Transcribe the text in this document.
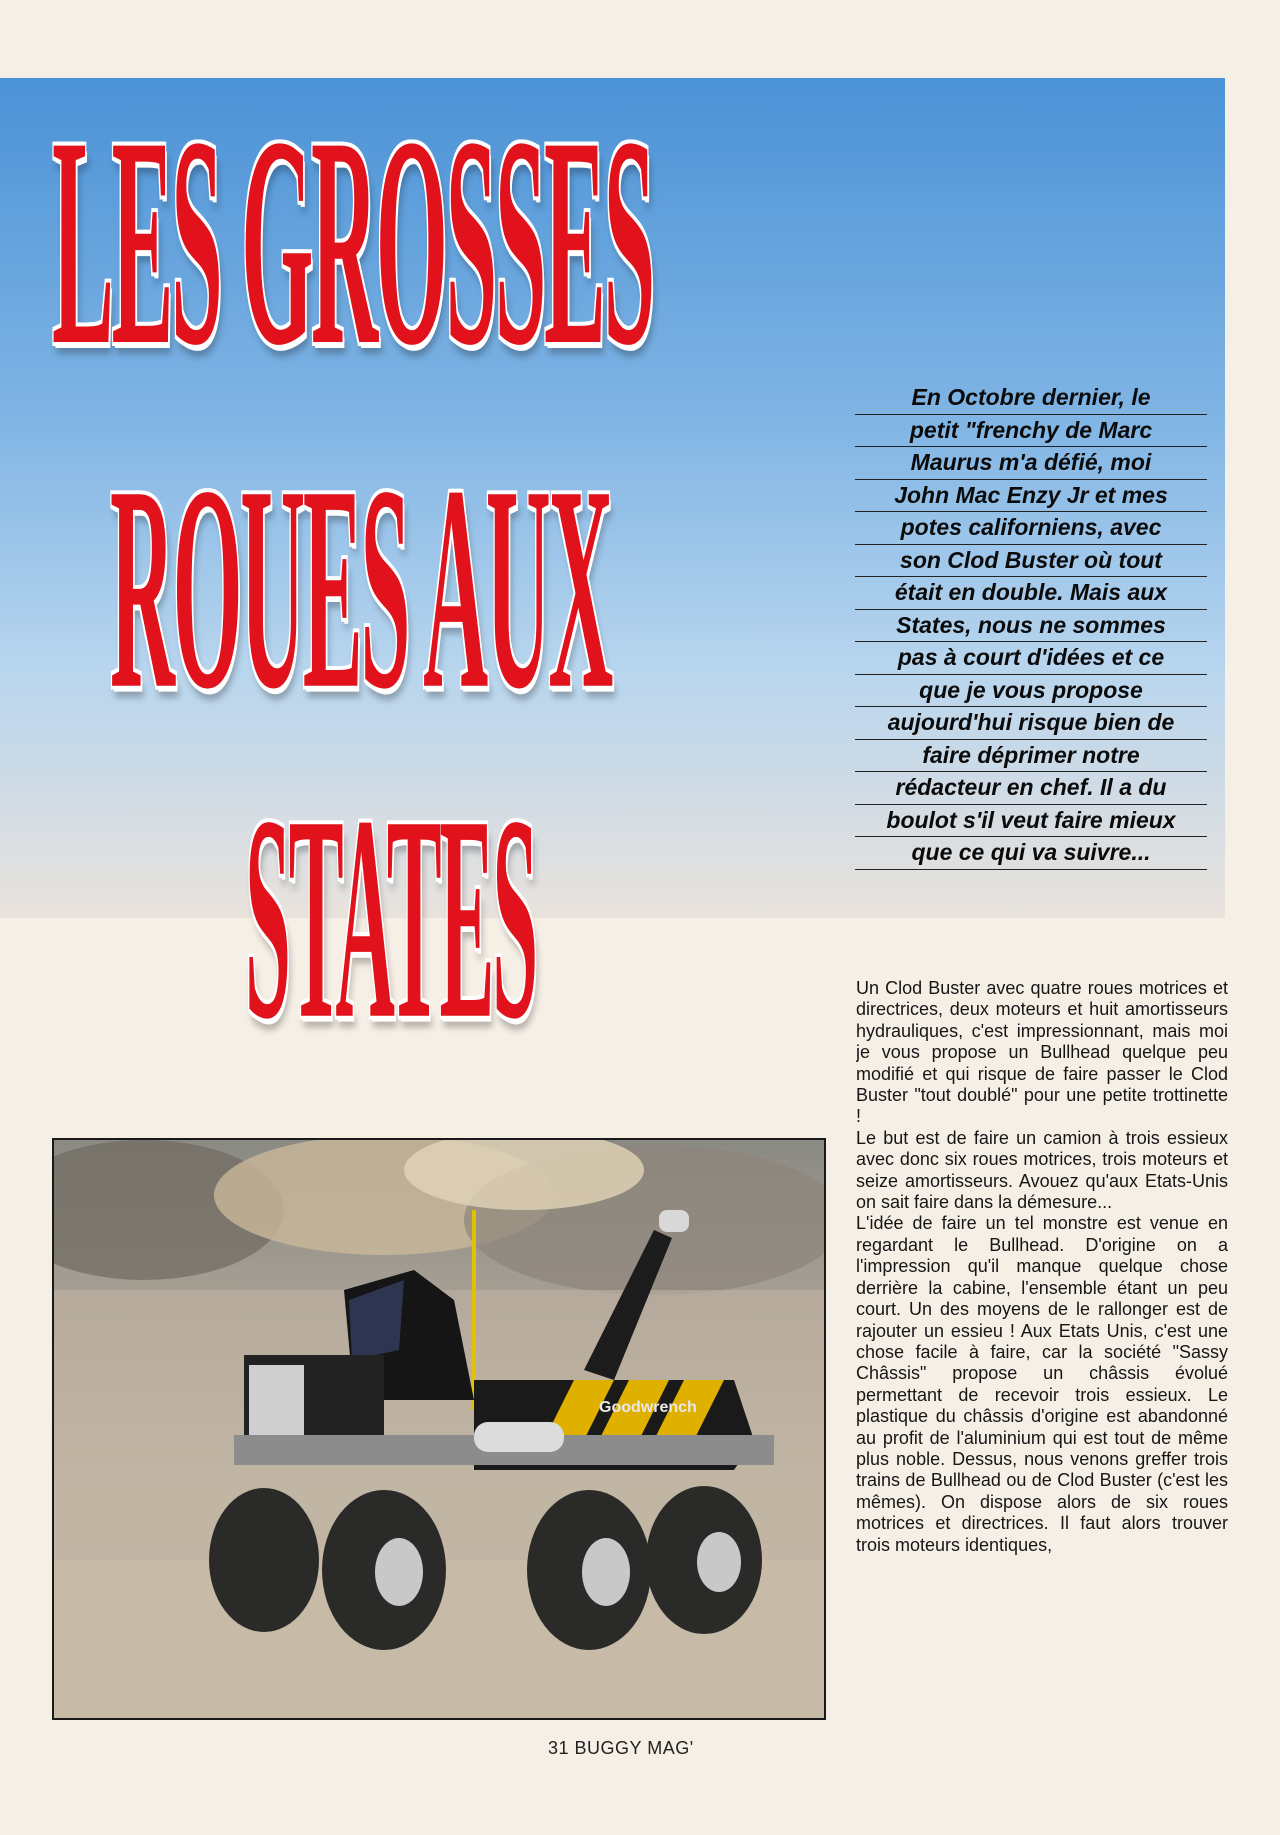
LES GROSSES
ROUES AUX
STATES
En Octobre dernier, le
petit "frenchy de Marc
Maurus m'a défié, moi
John Mac Enzy Jr et mes
potes californiens, avec
son Clod Buster où tout
était en double. Mais aux
States, nous ne sommes
pas à court d'idées et ce
que je vous propose
aujourd'hui risque bien de
faire déprimer notre
rédacteur en chef. Il a du
boulot s'il veut faire mieux
que ce qui va suivre...

Un Clod Buster avec quatre roues motrices et directrices, deux moteurs et huit amortisseurs hydrauliques, c'est impressionnant, mais moi je vous propose un Bullhead quelque peu modifié et qui risque de faire passer le Clod Buster "tout doublé" pour une petite trottinette !

Le but est de faire un camion à trois essieux avec donc six roues motrices, trois moteurs et seize amortisseurs. Avouez qu'aux Etats-Unis on sait faire dans la démesure...

L'idée de faire un tel monstre est venue en regardant le Bullhead. D'origine on a l'impression qu'il manque quelque chose derrière la cabine, l'ensemble étant un peu court. Un des moyens de le rallonger est de rajouter un essieu ! Aux Etats Unis, c'est une chose facile à faire, car la société "Sassy Châssis" propose un châssis évolué permettant de recevoir trois essieux. Le plastique du châssis d'origine est abandonné au profit de l'aluminium qui est tout de même plus noble. Dessus, nous venons greffer trois trains de Bullhead ou de Clod Buster (c'est les mêmes). On dispose alors de six roues motrices et directrices. Il faut alors trouver trois moteurs identiques,

Goodwrench
31 BUGGY MAG'
